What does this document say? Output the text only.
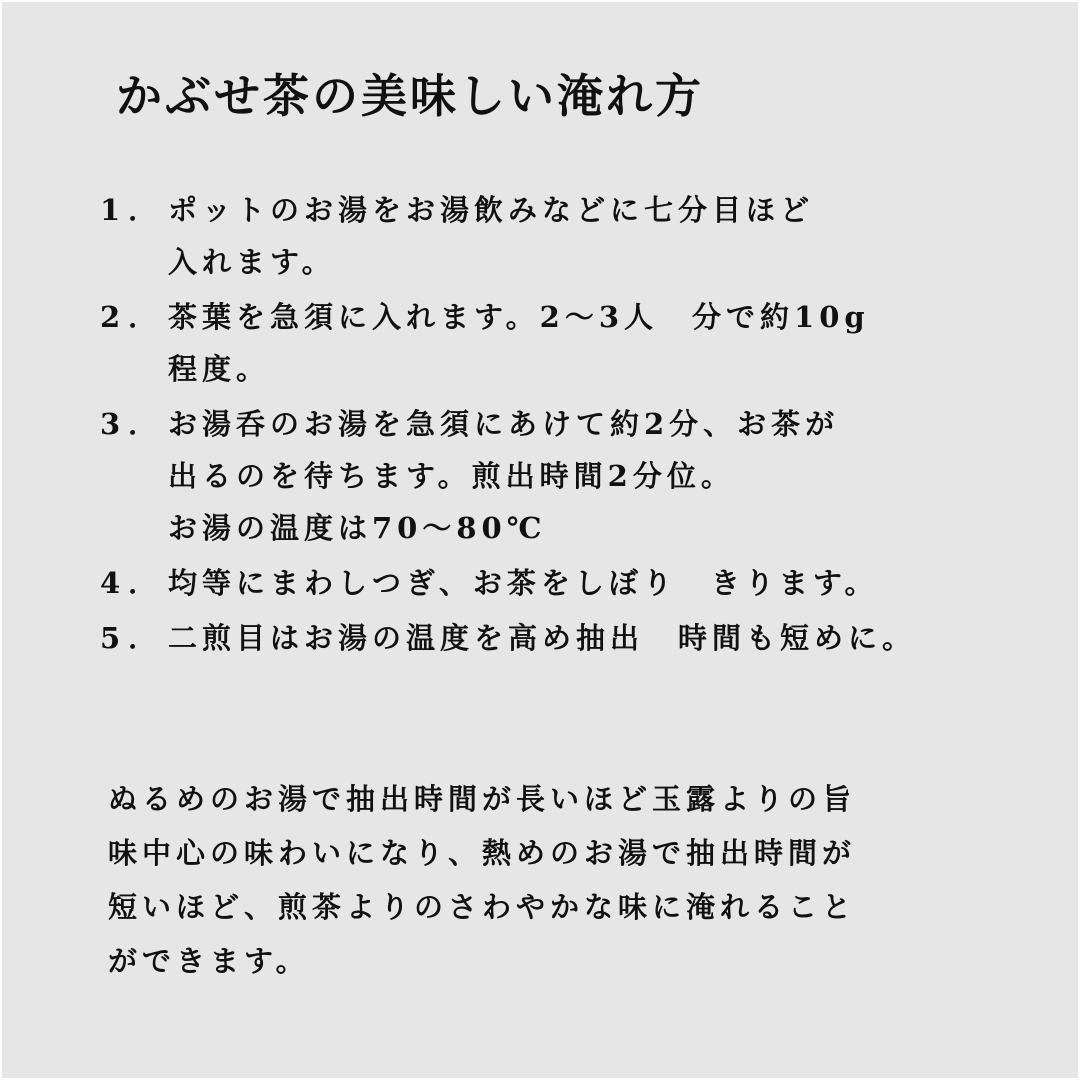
かぶせ茶の美味しい淹れ方
1． ポットのお湯をお湯飲みなどに七分目ほど
入れます。
2． 茶葉を急須に入れます。2〜3人　分で約10g
程度。
3． お湯呑のお湯を急須にあけて約2分、お茶が
出るのを待ちます。煎出時間2分位。
お湯の温度は70〜80℃
4． 均等にまわしつぎ、お茶をしぼり　きります。
5． 二煎目はお湯の温度を高め抽出　時間も短めに。
ぬるめのお湯で抽出時間が長いほど玉露よりの旨
味中心の味わいになり、熱めのお湯で抽出時間が
短いほど、煎茶よりのさわやかな味に淹れること
ができます。
